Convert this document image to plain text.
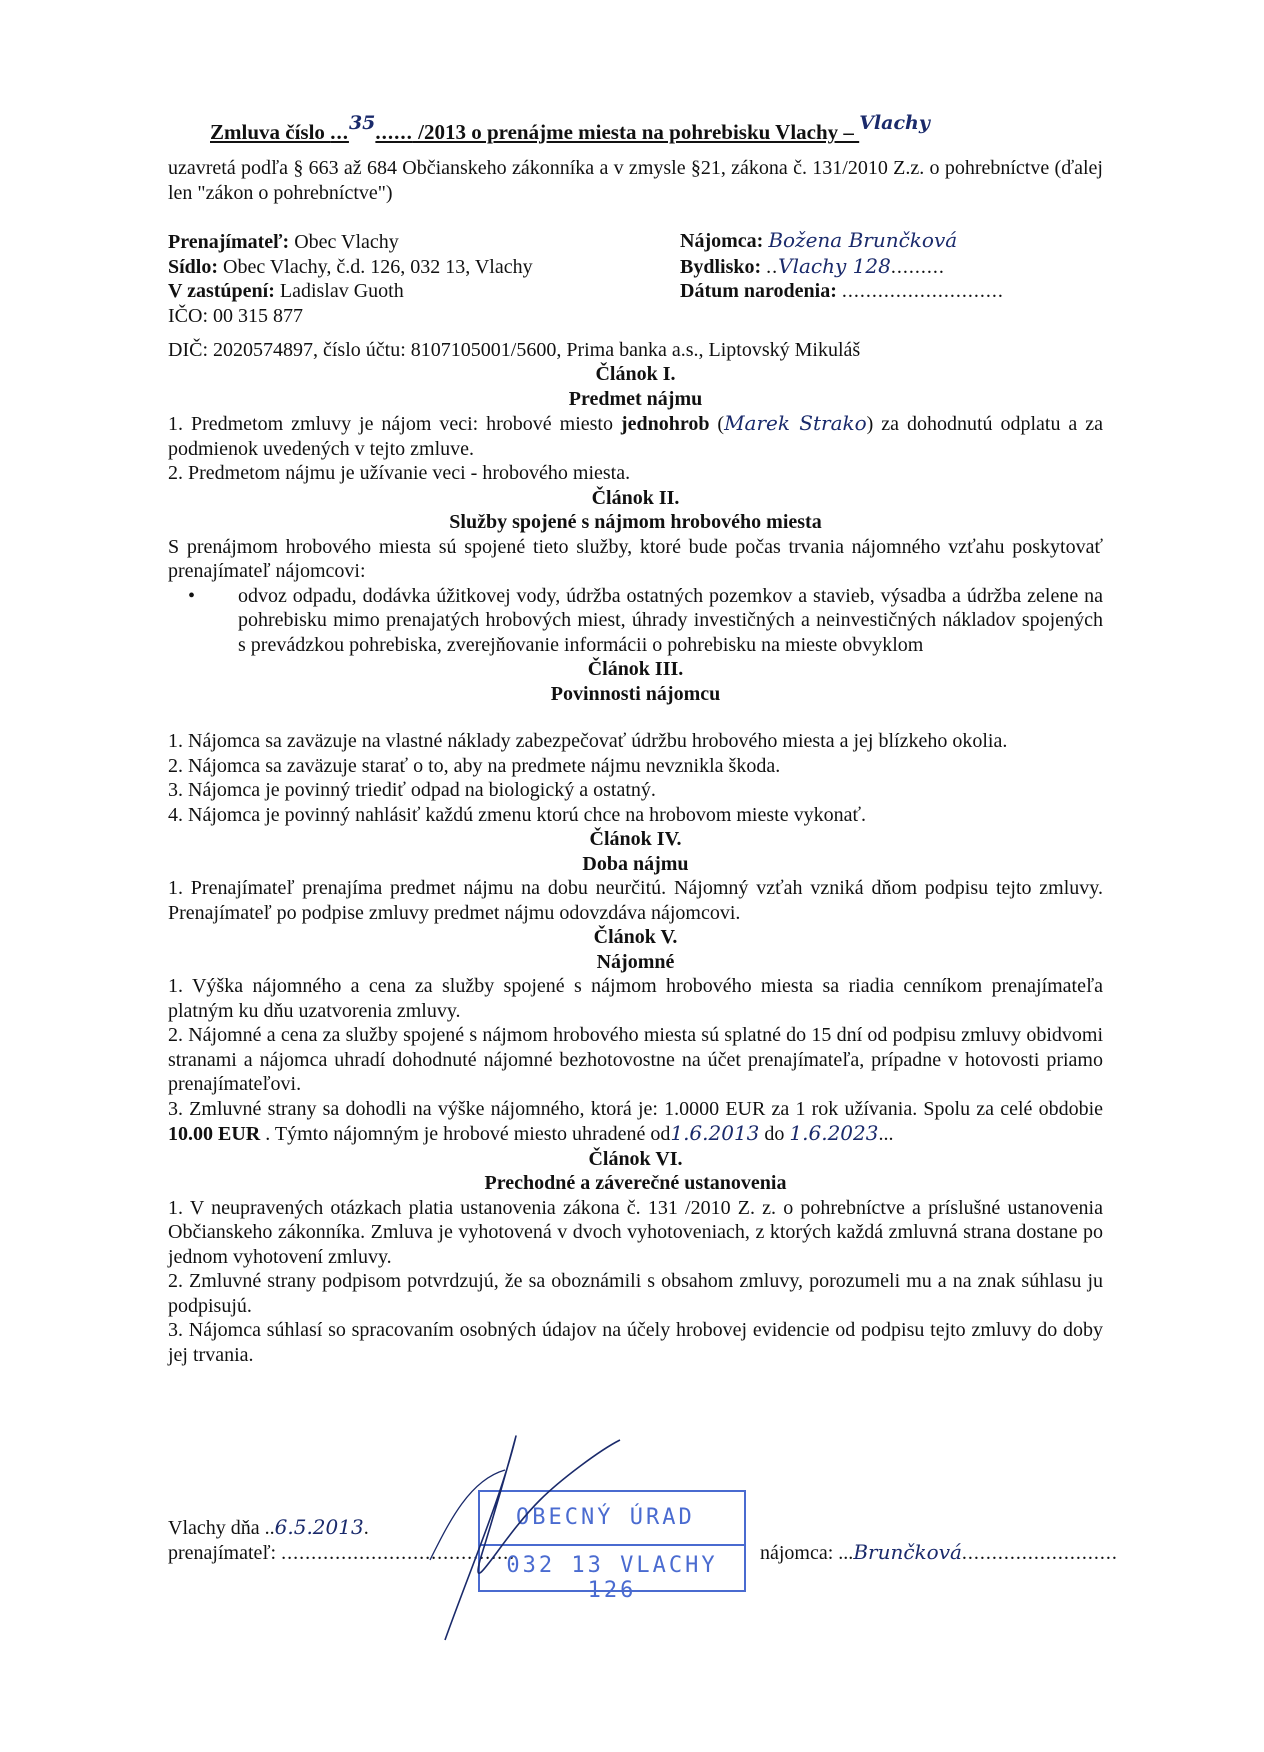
Zmluva číslo ...35...... /2013 o prenájme miesta na pohrebisku Vlachy – Vlachy

uzavretá podľa § 663 až 684 Občianskeho zákonníka a v zmysle §21, zákona č. 131/2010 Z.z. o pohrebníctve (ďalej len "zákon o pohrebníctve")

Prenajímateľ: Obec Vlachy
Sídlo: Obec Vlachy, č.d. 126, 032 13, Vlachy
V zastúpení: Ladislav Guoth
IČO: 00 315 877
DIČ: 2020574897, číslo účtu: 8107105001/5600, Prima banka a.s., Liptovský Mikuláš
Nájomca: Božena Brunčková
Bydlisko: ..Vlachy 128.........
Dátum narodenia: ...........................
Článok I.
Predmet nájmu

1. Predmetom zmluvy je nájom veci: hrobové miesto jednohrob (Marek Strako) za dohodnutú odplatu a za podmienok uvedených v tejto zmluve.

2. Predmetom nájmu je užívanie veci - hrobového miesta.

Článok II.
Služby spojené s nájmom hrobového miesta

S prenájmom hrobového miesta sú spojené tieto služby, ktoré bude počas trvania nájomného vzťahu poskytovať prenajímateľ nájomcovi:

•	odvoz odpadu, dodávka úžitkovej vody, údržba ostatných pozemkov a stavieb, výsadba a údržba zelene na pohrebisku mimo prenajatých hrobových miest, úhrady investičných a neinvestičných nákladov spojených s prevádzkou pohrebiska, zverejňovanie informácii o pohrebisku na mieste obvyklom

Článok III.
Povinnosti nájomcu

1. Nájomca sa zaväzuje na vlastné náklady zabezpečovať údržbu hrobového miesta a jej blízkeho okolia.

2. Nájomca sa zaväzuje starať o to, aby na predmete nájmu nevznikla škoda.

3. Nájomca je povinný triediť odpad na biologický a ostatný.

4. Nájomca je povinný nahlásiť každú zmenu ktorú chce na hrobovom mieste vykonať.

Článok IV.
Doba nájmu

1. Prenajímateľ prenajíma predmet nájmu na dobu neurčitú. Nájomný vzťah vzniká dňom podpisu tejto zmluvy. Prenajímateľ po podpise zmluvy predmet nájmu odovzdáva nájomcovi.

Článok V.
Nájomné

1. Výška nájomného a cena za služby spojené s nájmom hrobového miesta sa riadia cenníkom prenajímateľa platným ku dňu uzatvorenia zmluvy.

2. Nájomné a cena za služby spojené s nájmom hrobového miesta sú splatné do 15 dní od podpisu zmluvy obidvomi stranami a nájomca uhradí dohodnuté nájomné bezhotovostne na účet prenajímateľa, prípadne v hotovosti priamo prenajímateľovi.

3. Zmluvné strany sa dohodli na výške nájomného, ktorá je: 1.0000 EUR za 1 rok užívania. Spolu za celé obdobie 10.00 EUR . Týmto nájomným je hrobové miesto uhradené od1.6.2013 do 1.6.2023...

Článok VI.
Prechodné a záverečné ustanovenia

1. V neupravených otázkach platia ustanovenia zákona č. 131 /2010 Z. z. o pohrebníctve a príslušné ustanovenia Občianskeho zákonníka. Zmluva je vyhotovená v dvoch vyhotoveniach, z ktorých každá zmluvná strana dostane po jednom vyhotovení zmluvy.

2. Zmluvné strany podpisom potvrdzujú, že sa oboznámili s obsahom zmluvy, porozumeli mu a na znak súhlasu ju podpisujú.

3. Nájomca súhlasí so spracovaním osobných údajov na účely hrobovej evidencie od podpisu tejto zmluvy do doby jej trvania.

Vlachy dňa ..6.5.2013.
prenajímateľ: .......................................	nájomca: ...Brunčková..........................
OBECNÝ ÚRAD
032 13 VLACHY 126
